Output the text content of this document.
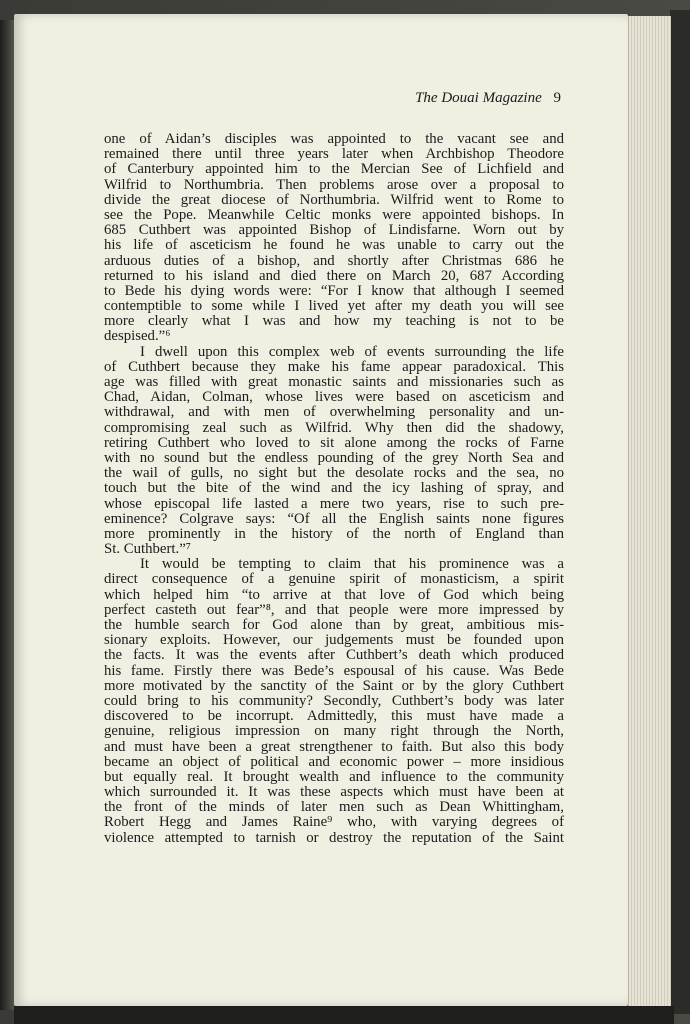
The Douai Magazine 9
one of Aidan’s disciples was appointed to the vacant see and
remained there until three years later when Archbishop Theodore
of Canterbury appointed him to the Mercian See of Lichfield and
Wilfrid to Northumbria. Then problems arose over a proposal to
divide the great diocese of Northumbria. Wilfrid went to Rome to
see the Pope. Meanwhile Celtic monks were appointed bishops. In
685 Cuthbert was appointed Bishop of Lindisfarne. Worn out by
his life of asceticism he found he was unable to carry out the
arduous duties of a bishop, and shortly after Christmas 686 he
returned to his island and died there on March 20, 687 According
to Bede his dying words were: “For I know that although I seemed
contemptible to some while I lived yet after my death you will see
more clearly what I was and how my teaching is not to be
despised.”⁶
I dwell upon this complex web of events surrounding the life
of Cuthbert because they make his fame appear paradoxical. This
age was filled with great monastic saints and missionaries such as
Chad, Aidan, Colman, whose lives were based on asceticism and
withdrawal, and with men of overwhelming personality and un-
compromising zeal such as Wilfrid. Why then did the shadowy,
retiring Cuthbert who loved to sit alone among the rocks of Farne
with no sound but the endless pounding of the grey North Sea and
the wail of gulls, no sight but the desolate rocks and the sea, no
touch but the bite of the wind and the icy lashing of spray, and
whose episcopal life lasted a mere two years, rise to such pre-
eminence? Colgrave says: “Of all the English saints none figures
more prominently in the history of the north of England than
St. Cuthbert.”⁷
It would be tempting to claim that his prominence was a
direct consequence of a genuine spirit of monasticism, a spirit
which helped him “to arrive at that love of God which being
perfect casteth out fear”⁸, and that people were more impressed by
the humble search for God alone than by great, ambitious mis-
sionary exploits. However, our judgements must be founded upon
the facts. It was the events after Cuthbert’s death which produced
his fame. Firstly there was Bede’s espousal of his cause. Was Bede
more motivated by the sanctity of the Saint or by the glory Cuthbert
could bring to his community? Secondly, Cuthbert’s body was later
discovered to be incorrupt. Admittedly, this must have made a
genuine, religious impression on many right through the North,
and must have been a great strengthener to faith. But also this body
became an object of political and economic power – more insidious
but equally real. It brought wealth and influence to the community
which surrounded it. It was these aspects which must have been at
the front of the minds of later men such as Dean Whittingham,
Robert Hegg and James Raine⁹ who, with varying degrees of
violence attempted to tarnish or destroy the reputation of the Saint
